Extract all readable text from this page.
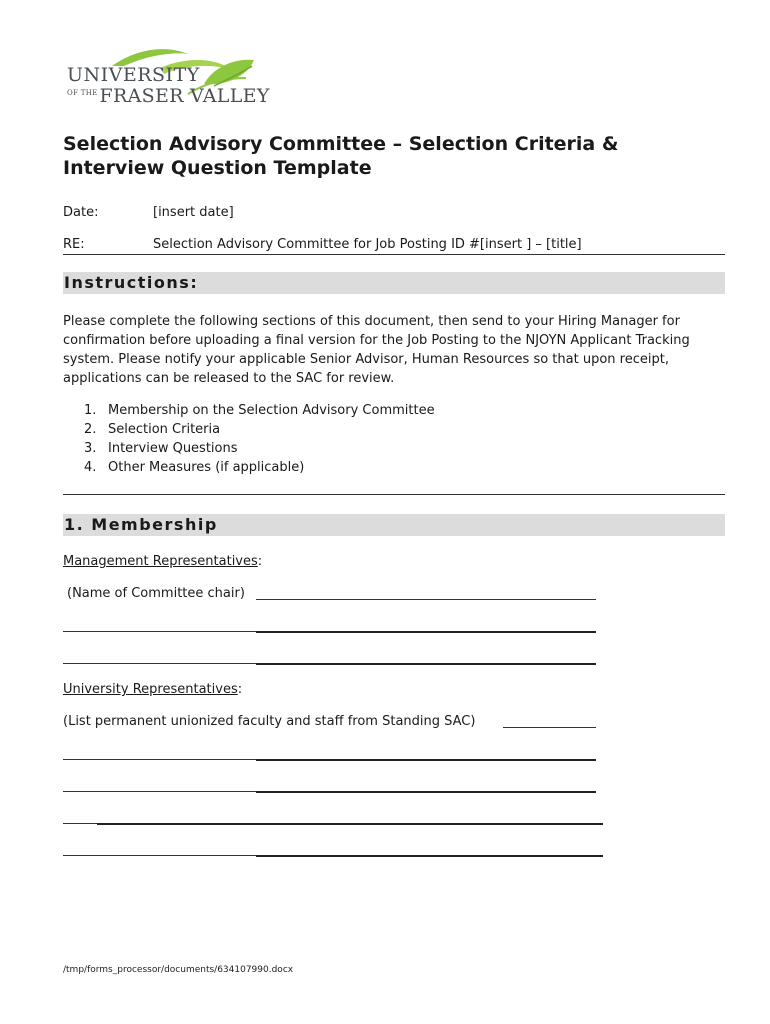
UNIVERSITY
$^{OF THE}$ FRASER VALLEY
Selection Advisory Committee – Selection Criteria & Interview Question Template
Date:	[insert date]
RE:	Selection Advisory Committee for Job Posting ID #[insert ] – [title]
Instructions:
Please complete the following sections of this document, then send to your Hiring Manager for confirmation before uploading a final version for the Job Posting to the NJOYN Applicant Tracking system. Please notify your applicable Senior Advisor, Human Resources so that upon receipt, applications can be released to the SAC for review.
1. Membership on the Selection Advisory Committee
2. Selection Criteria
3. Interview Questions
4. Other Measures (if applicable)
1. Membership
Management Representatives:
(Name of Committee chair)
University Representatives:
(List permanent unionized faculty and staff from Standing SAC)
/tmp/forms_processor/documents/634107990.docx
